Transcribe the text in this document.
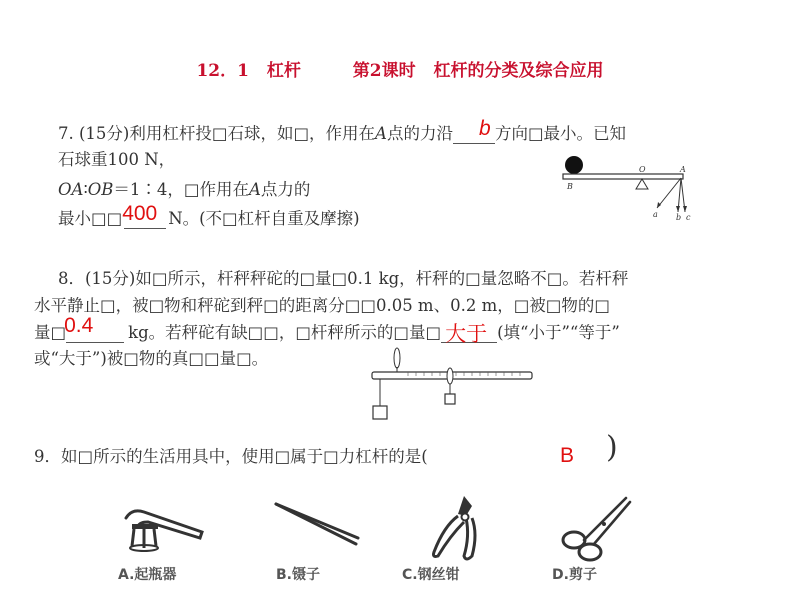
12．1 杠杆	第2课时 杠杆的分类及综合应用
7. (15分)利用杠杆投□石球，如□，作用在A点的力沿 b 方向□最小。已知
石球重100 N，
OA∶OB＝1∶4，□作用在A点力的
最小□□ 400 N。(不□杠杆自重及摩擦)
B
O	A
a b c
8．(15分)如□所示，杆秤秤砣的□量□0.1 kg，杆秤的□量忽略不□。若杆秤
水平静止□，被□物和秤砣到秤□的距离分□□0.05 m、0.2 m，□被□物的□
量□
0.4 kg。若秤砣有缺□□，□杆秤所示的□量□ 大于 (填“小于”“等于”
或“大于”)被□物的真□□量□。
9．如□所示的生活用具中，使用□属于□力杠杆的是(	B )
A.起瓶器	B.镊子	C.钢丝钳	D.剪子
